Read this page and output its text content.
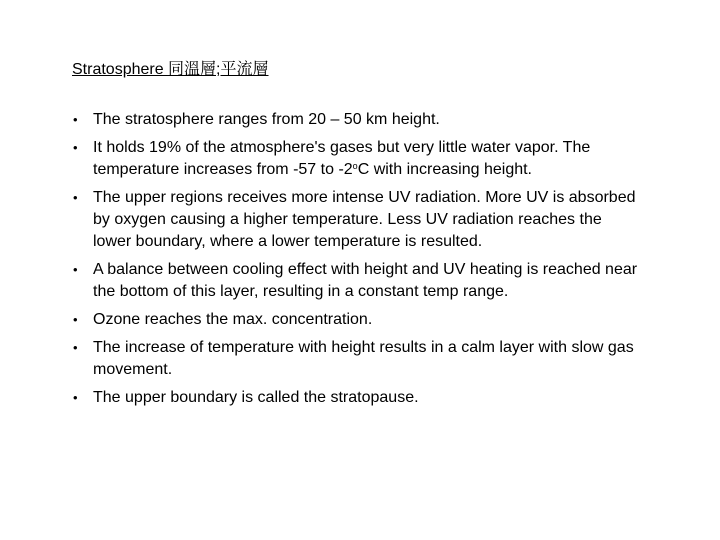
Stratosphere 同溫層;平流層
• The stratosphere ranges from 20 – 50 km height.
• It holds 19% of the atmosphere's gases but very little water vapor. The temperature increases from -57 to -2$^o$C with increasing height.
• The upper regions receives more intense UV radiation. More UV is absorbed by oxygen causing a higher temperature. Less UV radiation reaches the lower boundary, where a lower temperature is resulted.
• A balance between cooling effect with height and UV heating is reached near the bottom of this layer, resulting in a constant temp range.
• Ozone reaches the max. concentration.
• The increase of temperature with height results in a calm layer with slow gas movement.
• The upper boundary is called the stratopause.
